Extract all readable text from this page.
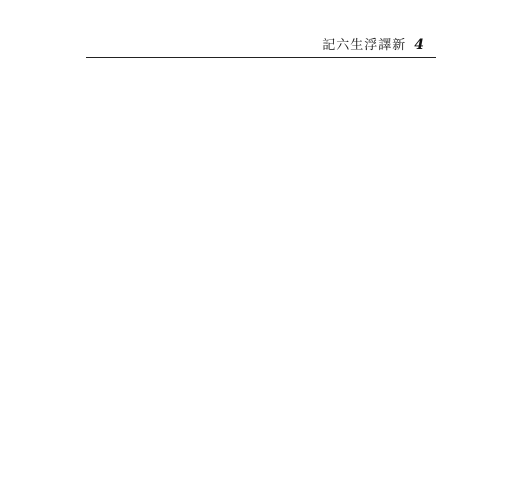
記六生浮譯新 4
